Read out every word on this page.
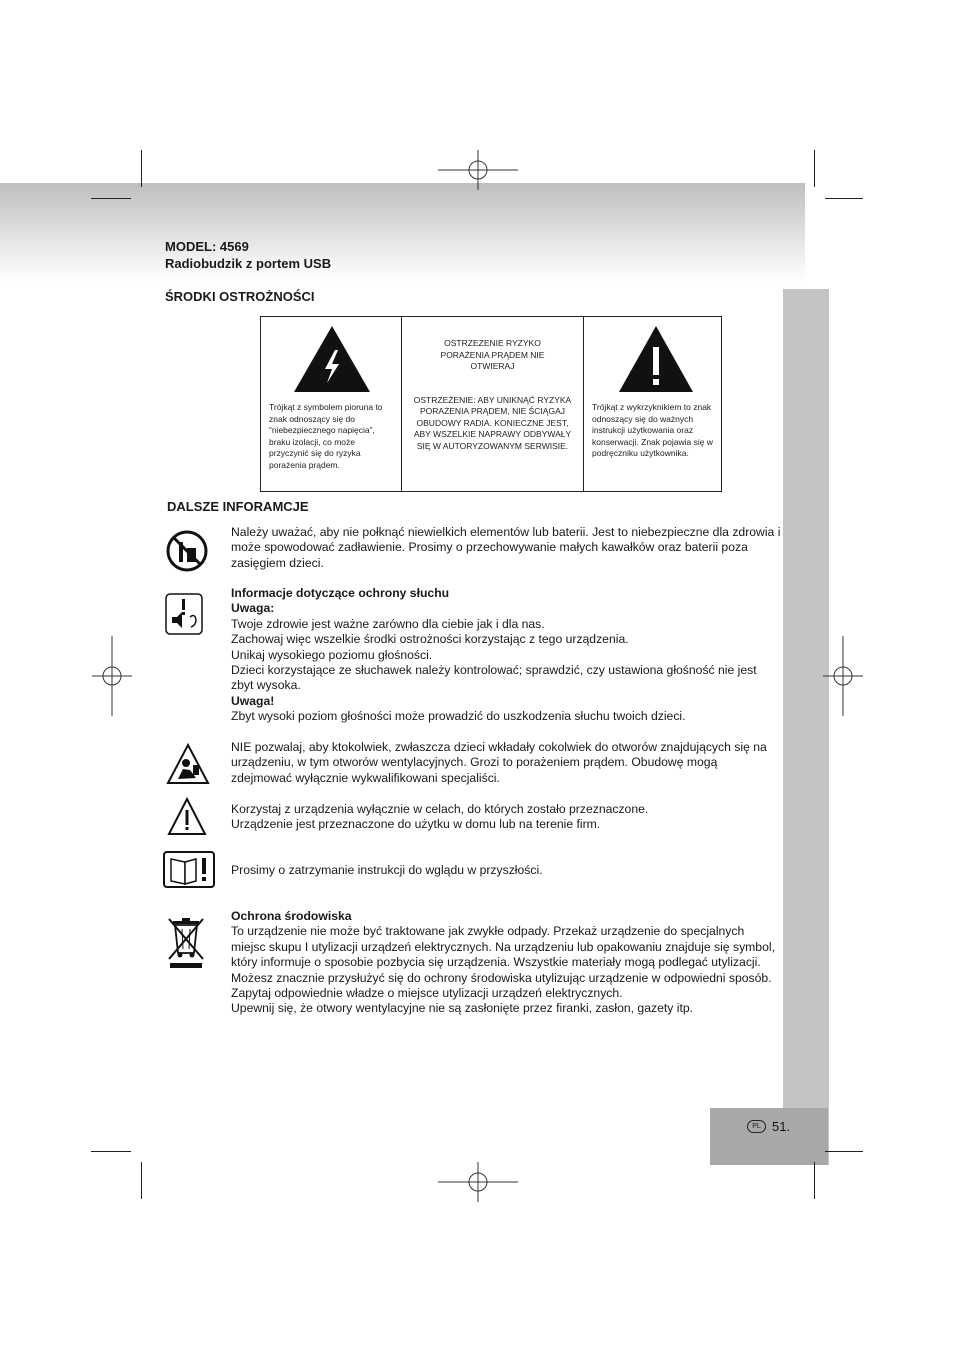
PL 51.
MODEL: 4569
Radiobudzik z portem USB
ŚRODKI OSTROŻNOŚCI
Trójkąt z symbolem pioruna to znak odnoszący się do “niebezpiecznego napięcia”, braku izolacji, co może przyczynić się do ryzyka porażenia prądem.

OSTRZEZENIE RYZYKO PORAŻENIA PRĄDEM NIE OTWIERAJ
OSTRZEŻENIE: ABY UNIKNĄĆ RYZYKA PORAŻENIA PRĄDEM, NIE ŚCIĄGAJ OBUDOWY RADIA. KONIECZNE JEST, ABY WSZELKIE NAPRAWY ODBYWAŁY SIĘ W AUTORYZOWANYM SERWISIE.

Trójkąt z wykrzyknikiem to znak odnoszący się do ważnych instrukcji użytkowania oraz konserwacji. Znak pojawia się w podręczniku użytkownika.
DALSZE INFORAMCJE
Należy uważać, aby nie połknąć niewielkich elementów lub baterii. Jest to niebezpieczne dla zdrowia i może spowodować zadławienie. Prosimy o przechowywanie małych kawałków oraz baterii poza zasięgiem dzieci.
Informacje dotyczące ochrony słuchu
Uwaga:
Twoje zdrowie jest ważne zarówno dla ciebie jak i dla nas.
Zachowaj więc wszelkie środki ostrożności korzystając z tego urządzenia.
Unikaj wysokiego poziomu głośności.
Dzieci korzystające ze słuchawek należy kontrolować; sprawdzić, czy ustawiona głośność nie jest zbyt wysoka.
Uwaga!
Zbyt wysoki poziom głośności może prowadzić do uszkodzenia słuchu twoich dzieci.
NIE pozwalaj, aby ktokolwiek, zwłaszcza dzieci wkładały cokolwiek do otworów znajdujących się na urządzeniu, w tym otworów wentylacyjnych. Grozi to porażeniem prądem. Obudowę mogą zdejmować wyłącznie wykwalifikowani specjaliści.
Korzystaj z urządzenia wyłącznie w celach, do których zostało przeznaczone.
Urządzenie jest przeznaczone do użytku w domu lub na terenie firm.
Prosimy o zatrzymanie instrukcji do wglądu w przyszłości.
Ochrona środowiska
To urządzenie nie może być traktowane jak zwykłe odpady. Przekaż urządzenie do specjalnych miejsc skupu I utylizacji urządzeń elektrycznych. Na urządzeniu lub opakowaniu znajduje się symbol, który informuje o sposobie pozbycia się urządzenia. Wszystkie materiały mogą podlegać utylizacji. Możesz znacznie przysłużyć się do ochrony środowiska utylizując urządzenie w odpowiedni sposób. Zapytaj odpowiednie władze o miejsce utylizacji urządzeń elektrycznych.
Upewnij się, że otwory wentylacyjne nie są zasłonięte przez firanki, zasłon, gazety itp.
